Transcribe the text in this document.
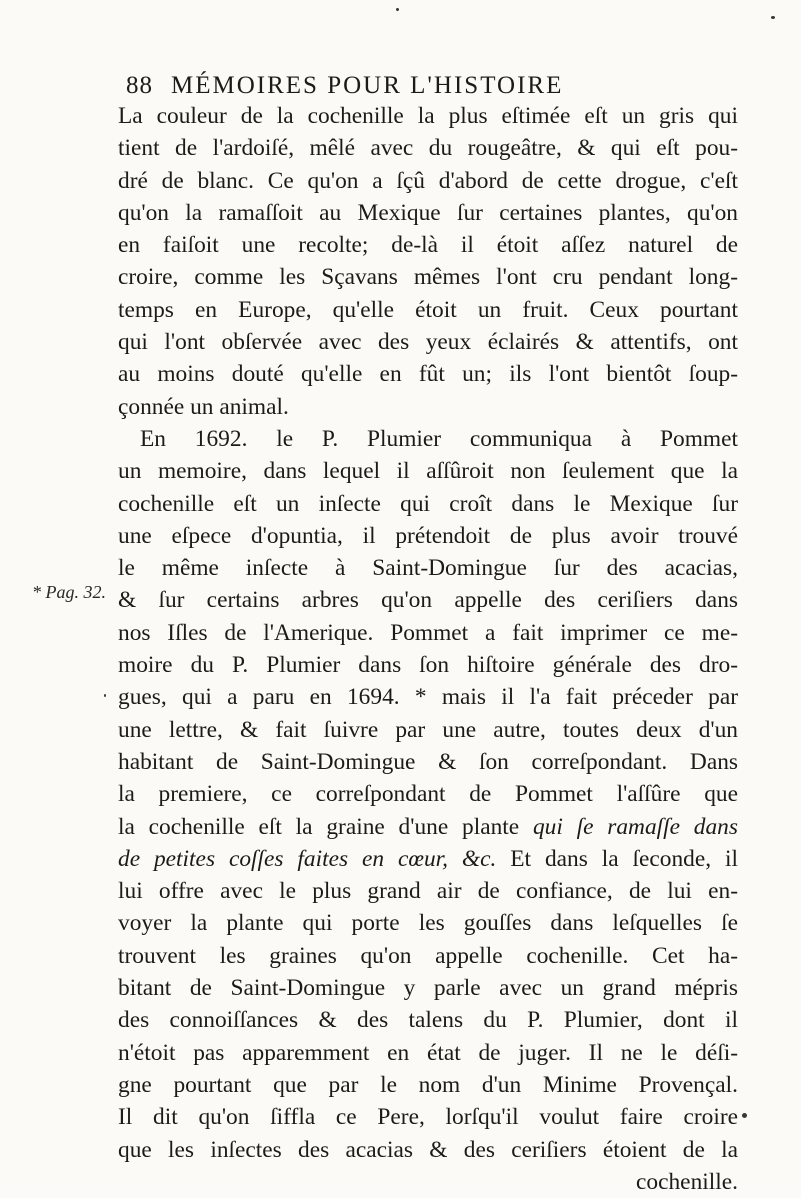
88 MÉMOIRES POUR L'HISTOIRE
* Pag. 32.
La couleur de la cochenille la plus eſtimée eſt un gris qui
tient de l'ardoiſé, mêlé avec du rougeâtre, & qui eſt pou-
dré de blanc. Ce qu'on a ſçû d'abord de cette drogue, c'eſt
qu'on la ramaſſoit au Mexique ſur certaines plantes, qu'on
en faiſoit une recolte; de-là il étoit aſſez naturel de
croire, comme les Sçavans mêmes l'ont cru pendant long-
temps en Europe, qu'elle étoit un fruit. Ceux pourtant
qui l'ont obſervée avec des yeux éclairés & attentifs, ont
au moins douté qu'elle en fût un; ils l'ont bientôt ſoup-
çonnée un animal.
En 1692. le P. Plumier communiqua à Pommet
un memoire, dans lequel il aſſûroit non ſeulement que la
cochenille eſt un inſecte qui croît dans le Mexique ſur
une eſpece d'opuntia, il prétendoit de plus avoir trouvé
le même inſecte à Saint-Domingue ſur des acacias,
& ſur certains arbres qu'on appelle des ceriſiers dans
nos Iſles de l'Amerique. Pommet a fait imprimer ce me-
moire du P. Plumier dans ſon hiſtoire générale des dro-
gues, qui a paru en 1694. * mais il l'a fait préceder par
une lettre, & fait ſuivre par une autre, toutes deux d'un
habitant de Saint-Domingue & ſon correſpondant. Dans
la premiere, ce correſpondant de Pommet l'aſſûre que
la cochenille eſt la graine d'une plante qui ſe ramaſſe dans
de petites coſſes faites en cœur, &c. Et dans la ſeconde, il
lui offre avec le plus grand air de confiance, de lui en-
voyer la plante qui porte les gouſſes dans leſquelles ſe
trouvent les graines qu'on appelle cochenille. Cet ha-
bitant de Saint-Domingue y parle avec un grand mépris
des connoiſſances & des talens du P. Plumier, dont il
n'étoit pas apparemment en état de juger. Il ne le déſi-
gne pourtant que par le nom d'un Minime Provençal.
Il dit qu'on ſiffla ce Pere, lorſqu'il voulut faire croire
que les inſectes des acacias & des ceriſiers étoient de la
cochenille.
